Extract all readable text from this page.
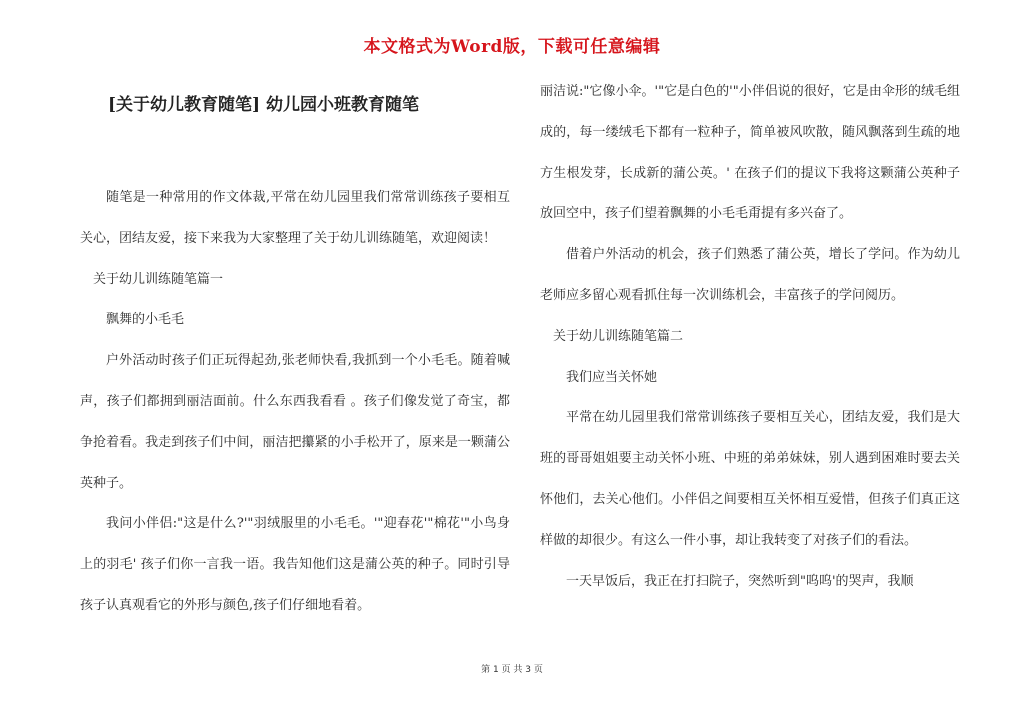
本文格式为Word版，下载可任意编辑
[关于幼儿教育随笔] 幼儿园小班教育随笔

随笔是一种常用的作文体裁,平常在幼儿园里我们常常训练孩子要相互关心，团结友爱，接下来我为大家整理了关于幼儿训练随笔，欢迎阅读！

关于幼儿训练随笔篇一

飘舞的小毛毛

户外活动时孩子们正玩得起劲,张老师快看,我抓到一个小毛毛。随着喊声，孩子们都拥到丽洁面前。什么东西我看看 。孩子们像发觉了奇宝，都争抢着看。我走到孩子们中间，丽洁把攥紧的小手松开了，原来是一颗蒲公英种子。

我问小伴侣:"这是什么?'"羽绒服里的小毛毛。'"迎春花'"棉花'"小鸟身上的羽毛' 孩子们你一言我一语。我告知他们这是蒲公英的种子。同时引导孩子认真观看它的外形与颜色,孩子们仔细地看着。

丽洁说:"它像小伞。'"它是白色的'"小伴侣说的很好，它是由伞形的绒毛组成的，每一缕绒毛下都有一粒种子，简单被风吹散，随风飘落到生疏的地方生根发芽，长成新的蒲公英。' 在孩子们的提议下我将这颗蒲公英种子放回空中，孩子们望着飘舞的小毛毛甭提有多兴奋了。

借着户外活动的机会，孩子们熟悉了蒲公英，增长了学问。作为幼儿老师应多留心观看抓住每一次训练机会，丰富孩子的学问阅历。

关于幼儿训练随笔篇二

我们应当关怀她

平常在幼儿园里我们常常训练孩子要相互关心，团结友爱，我们是大班的哥哥姐姐要主动关怀小班、中班的弟弟妹妹，别人遇到困难时要去关怀他们，去关心他们。小伴侣之间要相互关怀相互爱惜，但孩子们真正这样做的却很少。有这么一件小事，却让我转变了对孩子们的看法。

一天早饭后，我正在打扫院子，突然听到"呜呜'的哭声，我顺

第 1 页 共 3 页
